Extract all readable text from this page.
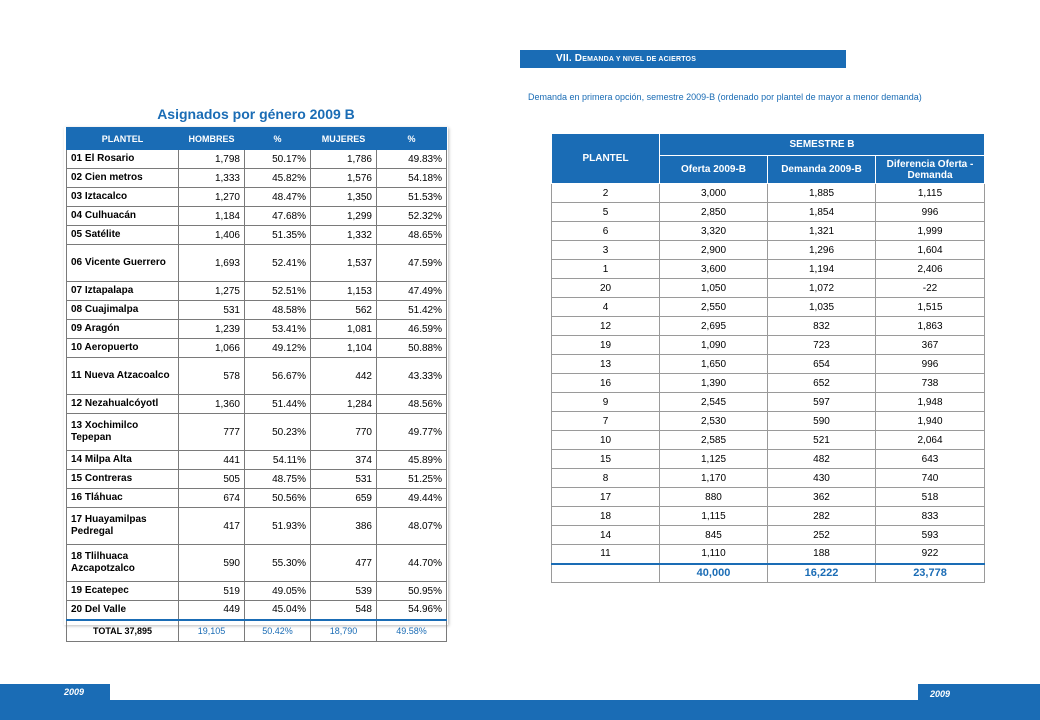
VII. DEMANDA Y NIVEL DE ACIERTOS
Demanda en primera opción, semestre 2009-B (ordenado por plantel de mayor a menor demanda)
Asignados por género 2009 B
PLANTEL	HOMBRES	%	MUJERES	%
01 El Rosario	1,798	50.17%	1,786	49.83%
02 Cien metros	1,333	45.82%	1,576	54.18%
03 Iztacalco	1,270	48.47%	1,350	51.53%
04 Culhuacán	1,184	47.68%	1,299	52.32%
05 Satélite	1,406	51.35%	1,332	48.65%
06 Vicente Guerrero	1,693	52.41%	1,537	47.59%
07 Iztapalapa	1,275	52.51%	1,153	47.49%
08 Cuajimalpa	531	48.58%	562	51.42%
09 Aragón	1,239	53.41%	1,081	46.59%
10 Aeropuerto	1,066	49.12%	1,104	50.88%
11 Nueva Atzacoalco	578	56.67%	442	43.33%
12 Nezahualcóyotl	1,360	51.44%	1,284	48.56%
13 Xochimilco Tepepan	777	50.23%	770	49.77%
14 Milpa Alta	441	54.11%	374	45.89%
15 Contreras	505	48.75%	531	51.25%
16 Tláhuac	674	50.56%	659	49.44%
17 Huayamilpas Pedregal	417	51.93%	386	48.07%
18 Tlilhuaca Azcapotzalco	590	55.30%	477	44.70%
19 Ecatepec	519	49.05%	539	50.95%
20 Del Valle	449	45.04%	548	54.96%
TOTAL 37,895	19,105	50.42%	18,790	49.58%
PLANTEL	SEMESTRE B		
	Oferta 2009-B	Demanda 2009-B	Diferencia Oferta - Demanda
2	3,000	1,885	1,115
5	2,850	1,854	996
6	3,320	1,321	1,999
3	2,900	1,296	1,604
1	3,600	1,194	2,406
20	1,050	1,072	-22
4	2,550	1,035	1,515
12	2,695	832	1,863
19	1,090	723	367
13	1,650	654	996
16	1,390	652	738
9	2,545	597	1,948
7	2,530	590	1,940
10	2,585	521	2,064
15	1,125	482	643
8	1,170	430	740
17	880	362	518
18	1,115	282	833
14	845	252	593
11	1,110	188	922
	40,000	16,222	23,778
2009	2009
